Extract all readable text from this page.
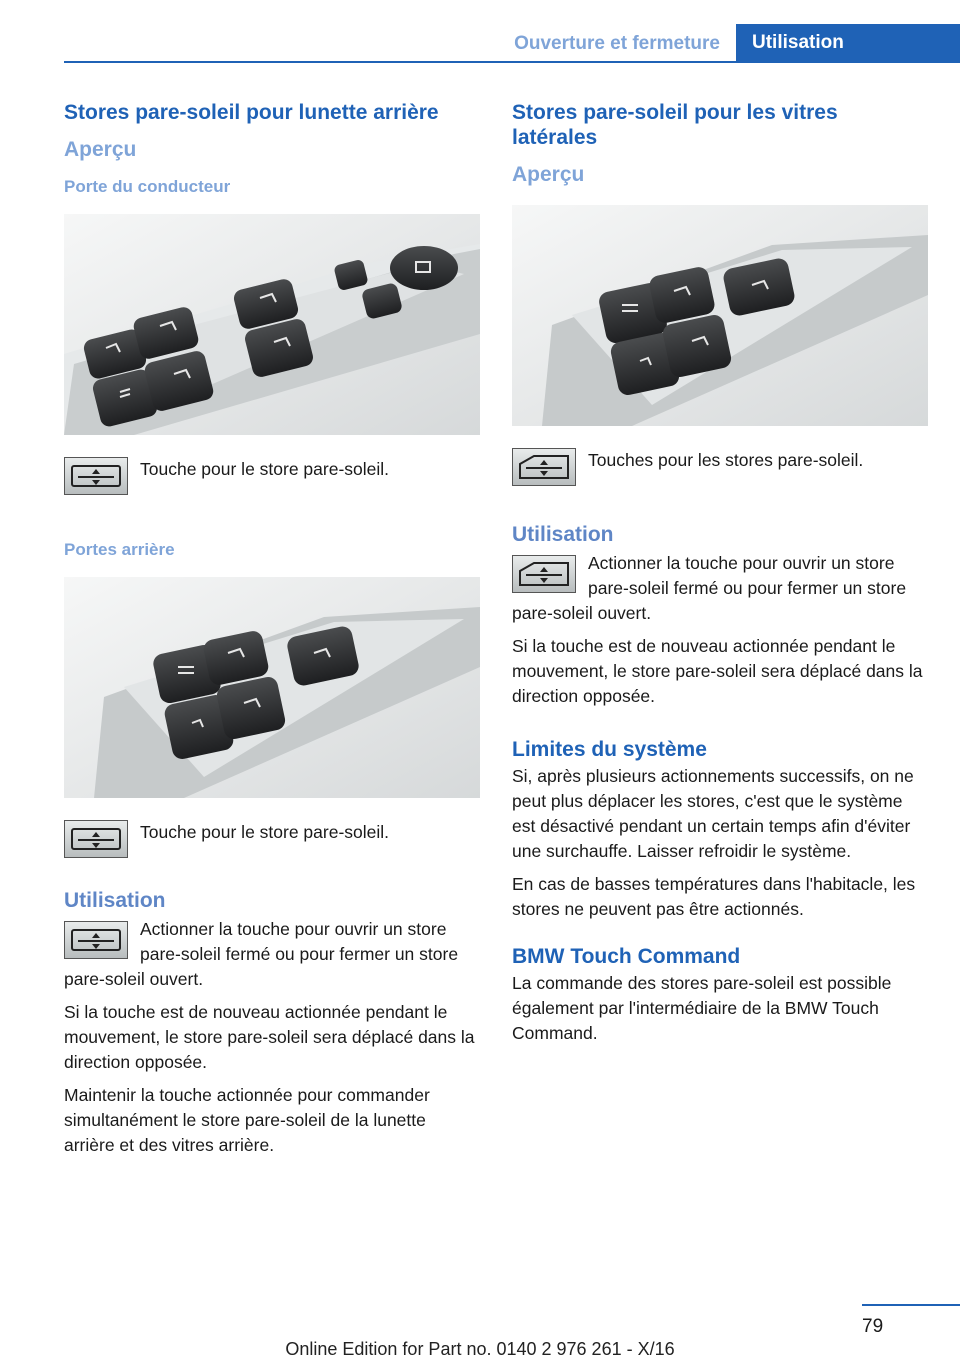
Ouverture et fermeture	Utilisation
Stores pare-soleil pour lunette arrière
Aperçu
Porte du conducteur
Touche pour le store pare-soleil.
Portes arrière
Touche pour le store pare-soleil.
Utilisation

Actionner la touche pour ouvrir un store pare-soleil fermé ou pour fermer un store pare-soleil ouvert.

Si la touche est de nouveau actionnée pendant le mouvement, le store pare-soleil sera déplacé dans la direction opposée.

Maintenir la touche actionnée pour commander simultanément le store pare-soleil de la lunette arrière et des vitres arrière.

Stores pare-soleil pour les vitres latérales
Aperçu
Touches pour les stores pare-soleil.
Utilisation

Actionner la touche pour ouvrir un store pare-soleil fermé ou pour fermer un store pare-soleil ouvert.

Si la touche est de nouveau actionnée pendant le mouvement, le store pare-soleil sera déplacé dans la direction opposée.

Limites du système

Si, après plusieurs actionnements successifs, on ne peut plus déplacer les stores, c'est que le système est désactivé pendant un certain temps afin d'éviter une surchauffe. Laisser refroidir le système.

En cas de basses températures dans l'habitacle, les stores ne peuvent pas être actionnés.

BMW Touch Command

La commande des stores pare-soleil est possible également par l'intermédiaire de la BMW Touch Command.

79
Online Edition for Part no. 0140 2 976 261 - X/16
